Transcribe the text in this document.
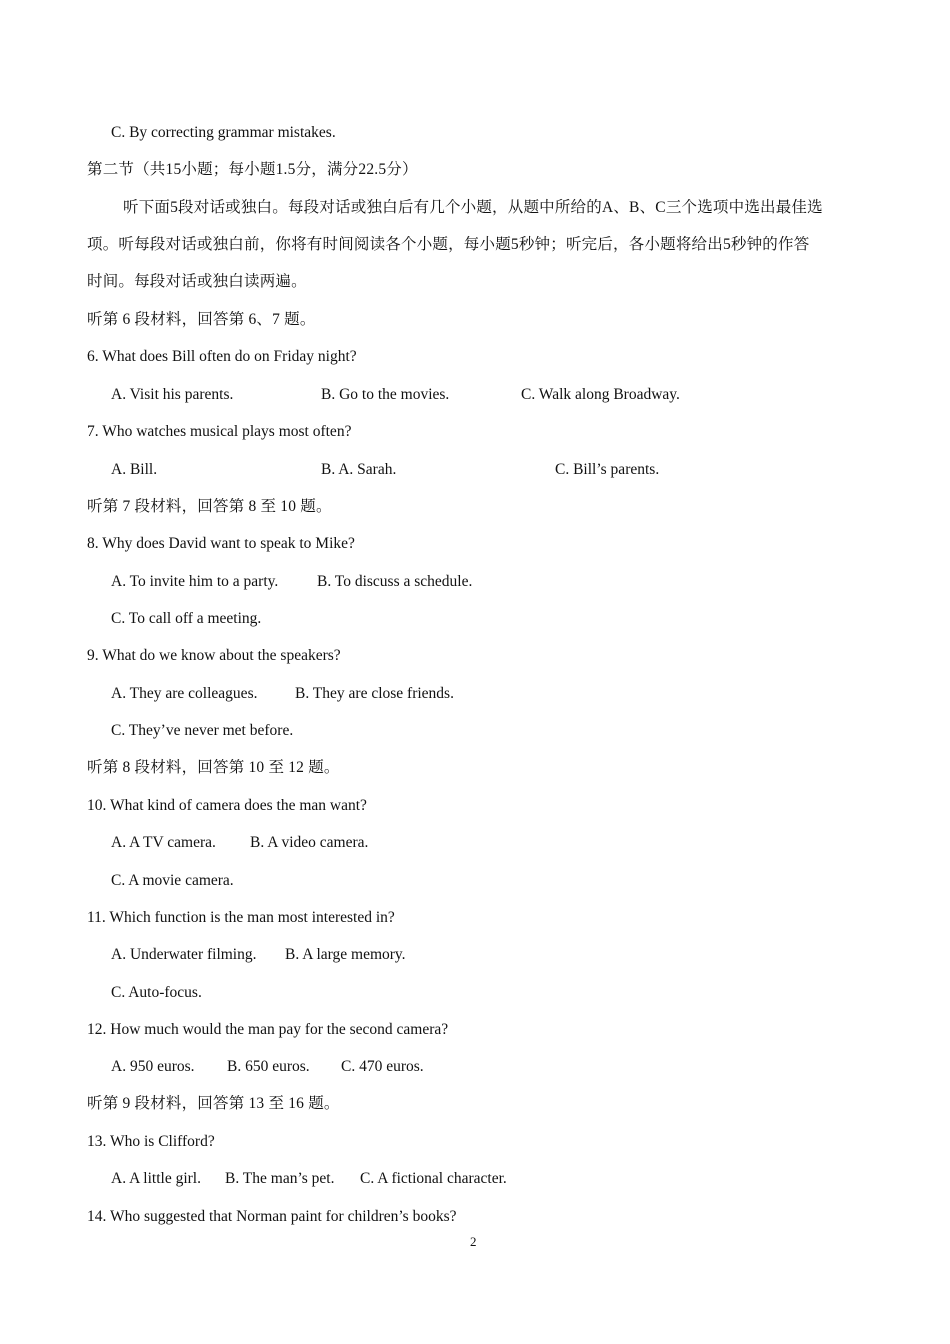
C. By correcting grammar mistakes.
第二节（共15小题；每小题1.5分，满分22.5分）
听下面5段对话或独白。每段对话或独白后有几个小题，从题中所给的A、B、C三个选项中选出最佳选
项。听每段对话或独白前，你将有时间阅读各个小题，每小题5秒钟；听完后，各小题将给出5秒钟的作答
时间。每段对话或独白读两遍。
听第 6 段材料，回答第 6、7 题。
6. What does Bill often do on Friday night?
A. Visit his parents.	B. Go to the movies.	C. Walk along Broadway.
7. Who watches musical plays most often?
A. Bill.	B. A. Sarah.	C. Bill’s parents.
听第 7 段材料，回答第 8 至 10 题。
8. Why does David want to speak to Mike?
A. To invite him to a party.	B. To discuss a schedule.
C. To call off a meeting.
9. What do we know about the speakers?
A. They are colleagues. B. They are close friends.
C. They’ve never met before.
听第 8 段材料，回答第 10 至 12 题。
10. What kind of camera does the man want?
A. A TV camera. B. A video camera.
C. A movie camera.
11. Which function is the man most interested in?
A. Underwater filming. B. A large memory.
C. Auto-focus.
12. How much would the man pay for the second camera?
A. 950 euros. B. 650 euros. C. 470 euros.
听第 9 段材料，回答第 13 至 16 题。
13. Who is Clifford?
A. A little girl. B. The man’s pet. C. A fictional character.
14. Who suggested that Norman paint for children’s books?
2
